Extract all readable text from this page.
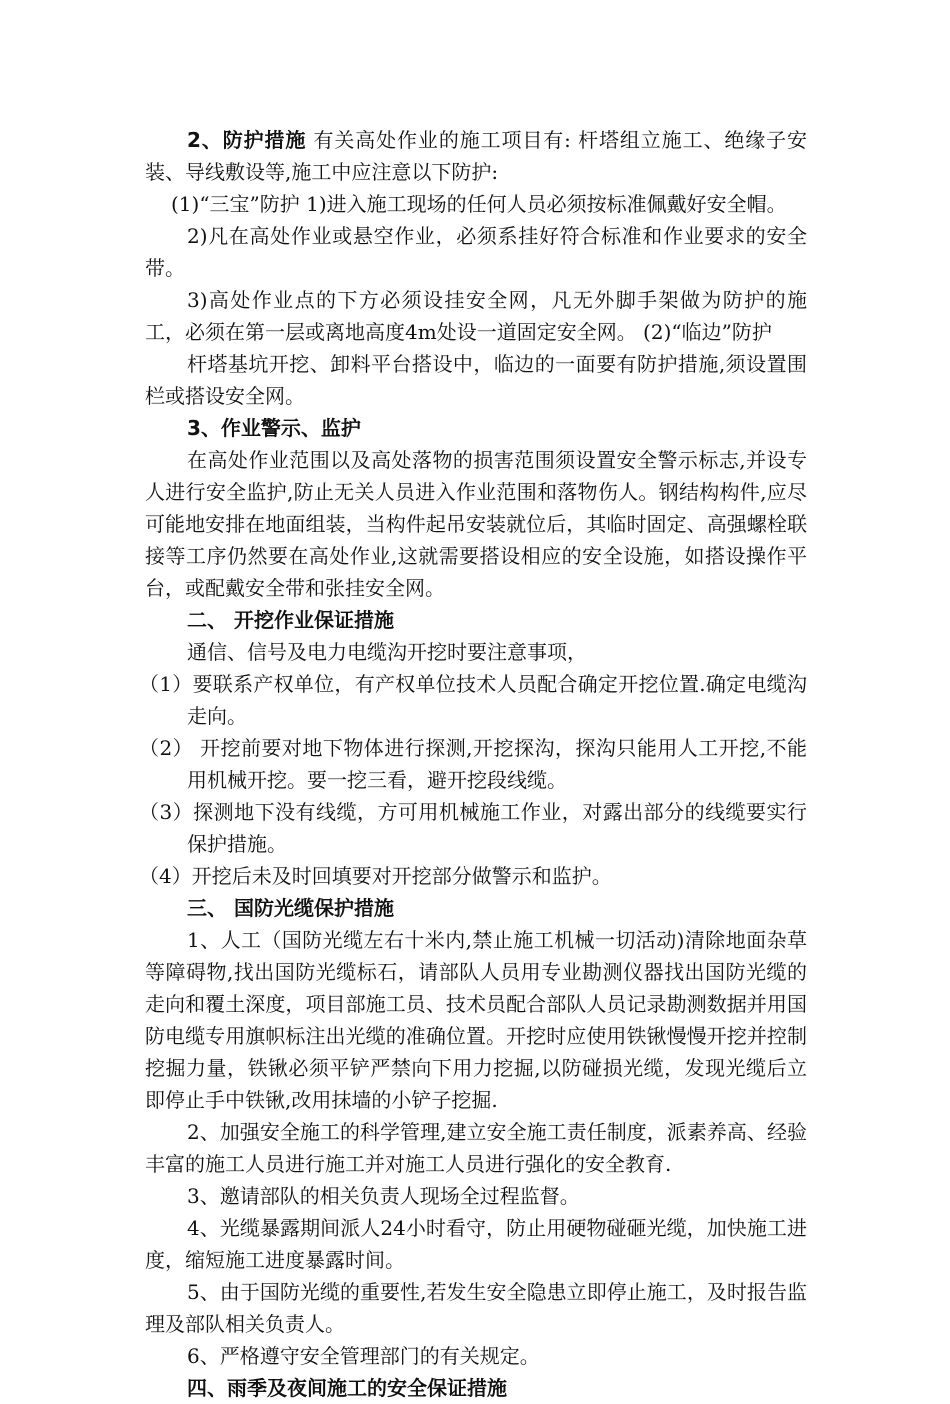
2、防护措施 有关高处作业的施工项目有: 杆塔组立施工、绝缘子安装、导线敷设等,施工中应注意以下防护:

(1)“三宝”防护 1)进入施工现场的任何人员必须按标准佩戴好安全帽。

2)凡在高处作业或悬空作业，必须系挂好符合标准和作业要求的安全带。

3)高处作业点的下方必须设挂安全网，凡无外脚手架做为防护的施工，必须在第一层或离地高度4m处设一道固定安全网。 (2)“临边”防护

杆塔基坑开挖、卸料平台搭设中，临边的一面要有防护措施,须设置围栏或搭设安全网。

3、作业警示、监护

在高处作业范围以及高处落物的损害范围须设置安全警示标志,并设专人进行安全监护,防止无关人员进入作业范围和落物伤人。钢结构构件,应尽可能地安排在地面组装，当构件起吊安装就位后，其临时固定、高强螺栓联接等工序仍然要在高处作业,这就需要搭设相应的安全设施，如搭设操作平台，或配戴安全带和张挂安全网。

二、 开挖作业保证措施

通信、信号及电力电缆沟开挖时要注意事项，

（1）要联系产权单位，有产权单位技术人员配合确定开挖位置.确定电缆沟走向。

（2） 开挖前要对地下物体进行探测,开挖探沟，探沟只能用人工开挖,不能用机械开挖。要一挖三看，避开挖段线缆。

（3）探测地下没有线缆，方可用机械施工作业，对露出部分的线缆要实行保护措施。

（4）开挖后未及时回填要对开挖部分做警示和监护。

三、 国防光缆保护措施

1、人工（国防光缆左右十米内,禁止施工机械一切活动)清除地面杂草等障碍物,找出国防光缆标石，请部队人员用专业勘测仪器找出国防光缆的走向和覆土深度，项目部施工员、技术员配合部队人员记录勘测数据并用国防电缆专用旗帜标注出光缆的准确位置。开挖时应使用铁锹慢慢开挖并控制挖掘力量，铁锹必须平铲严禁向下用力挖掘,以防碰损光缆，发现光缆后立即停止手中铁锹,改用抹墙的小铲子挖掘.

2、加强安全施工的科学管理,建立安全施工责任制度，派素养高、经验丰富的施工人员进行施工并对施工人员进行强化的安全教育.

3、邀请部队的相关负责人现场全过程监督。

4、光缆暴露期间派人24小时看守，防止用硬物碰砸光缆，加快施工进度，缩短施工进度暴露时间。

5、由于国防光缆的重要性,若发生安全隐患立即停止施工，及时报告监理及部队相关负责人。

6、严格遵守安全管理部门的有关规定。

四、雨季及夜间施工的安全保证措施
